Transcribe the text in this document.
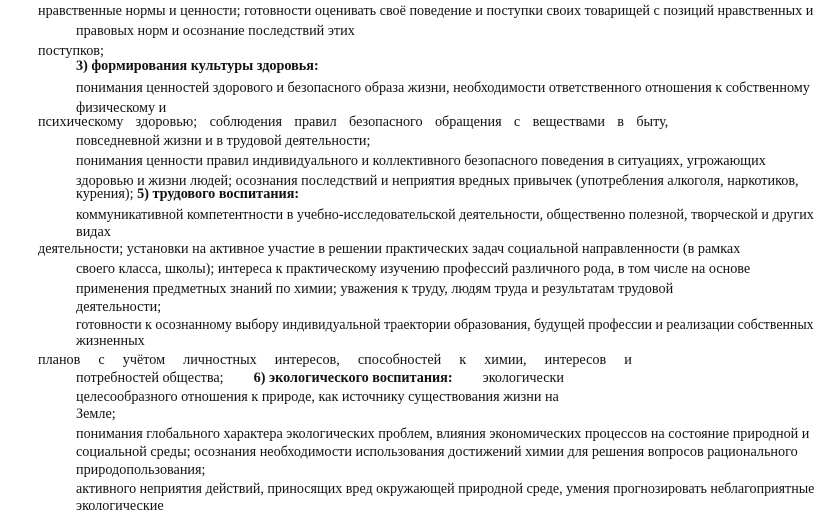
нравственные нормы и ценности; готовности оценивать своё поведение и поступки своих товарищей с позиций нравственных и
правовых норм и осознание последствий этих
поступков;
3) формирования культуры здоровья:
понимания ценностей здорового и безопасного образа жизни, необходимости ответственного отношения к собственному
физическому и
психическому здоровью; соблюдения правил безопасного обращения с веществами в быту,
повседневной жизни и в трудовой деятельности;
понимания ценности правил индивидуального и коллективного безопасного поведения в ситуациях, угрожающих
здоровью и жизни людей; осознания последствий и неприятия вредных привычек (употребления алкоголя, наркотиков,
курения); 5) трудового воспитания:
коммуникативной компетентности в учебно-исследовательской деятельности, общественно полезной, творческой и других
видах
деятельности; установки на активное участие в решении практических задач социальной направленности (в рамках
своего класса, школы); интереса к практическому изучению профессий различного рода, в том числе на основе
применения предметных знаний по химии; уважения к труду, людям труда и результатам трудовой
деятельности;
готовности к осознанному выбору индивидуальной траектории образования, будущей профессии и реализации собственных
жизненных
планов с учётом личностных интересов, способностей к химии, интересов и
потребностей общества; 6) экологического воспитания: экологически
целесообразного отношения к природе, как источнику существования жизни на
Земле;
понимания глобального характера экологических проблем, влияния экономических процессов на состояние природной и
социальной среды; осознания необходимости использования достижений химии для решения вопросов рационального
природопользования;
активного неприятия действий, приносящих вред окружающей природной среде, умения прогнозировать неблагоприятные
экологические
